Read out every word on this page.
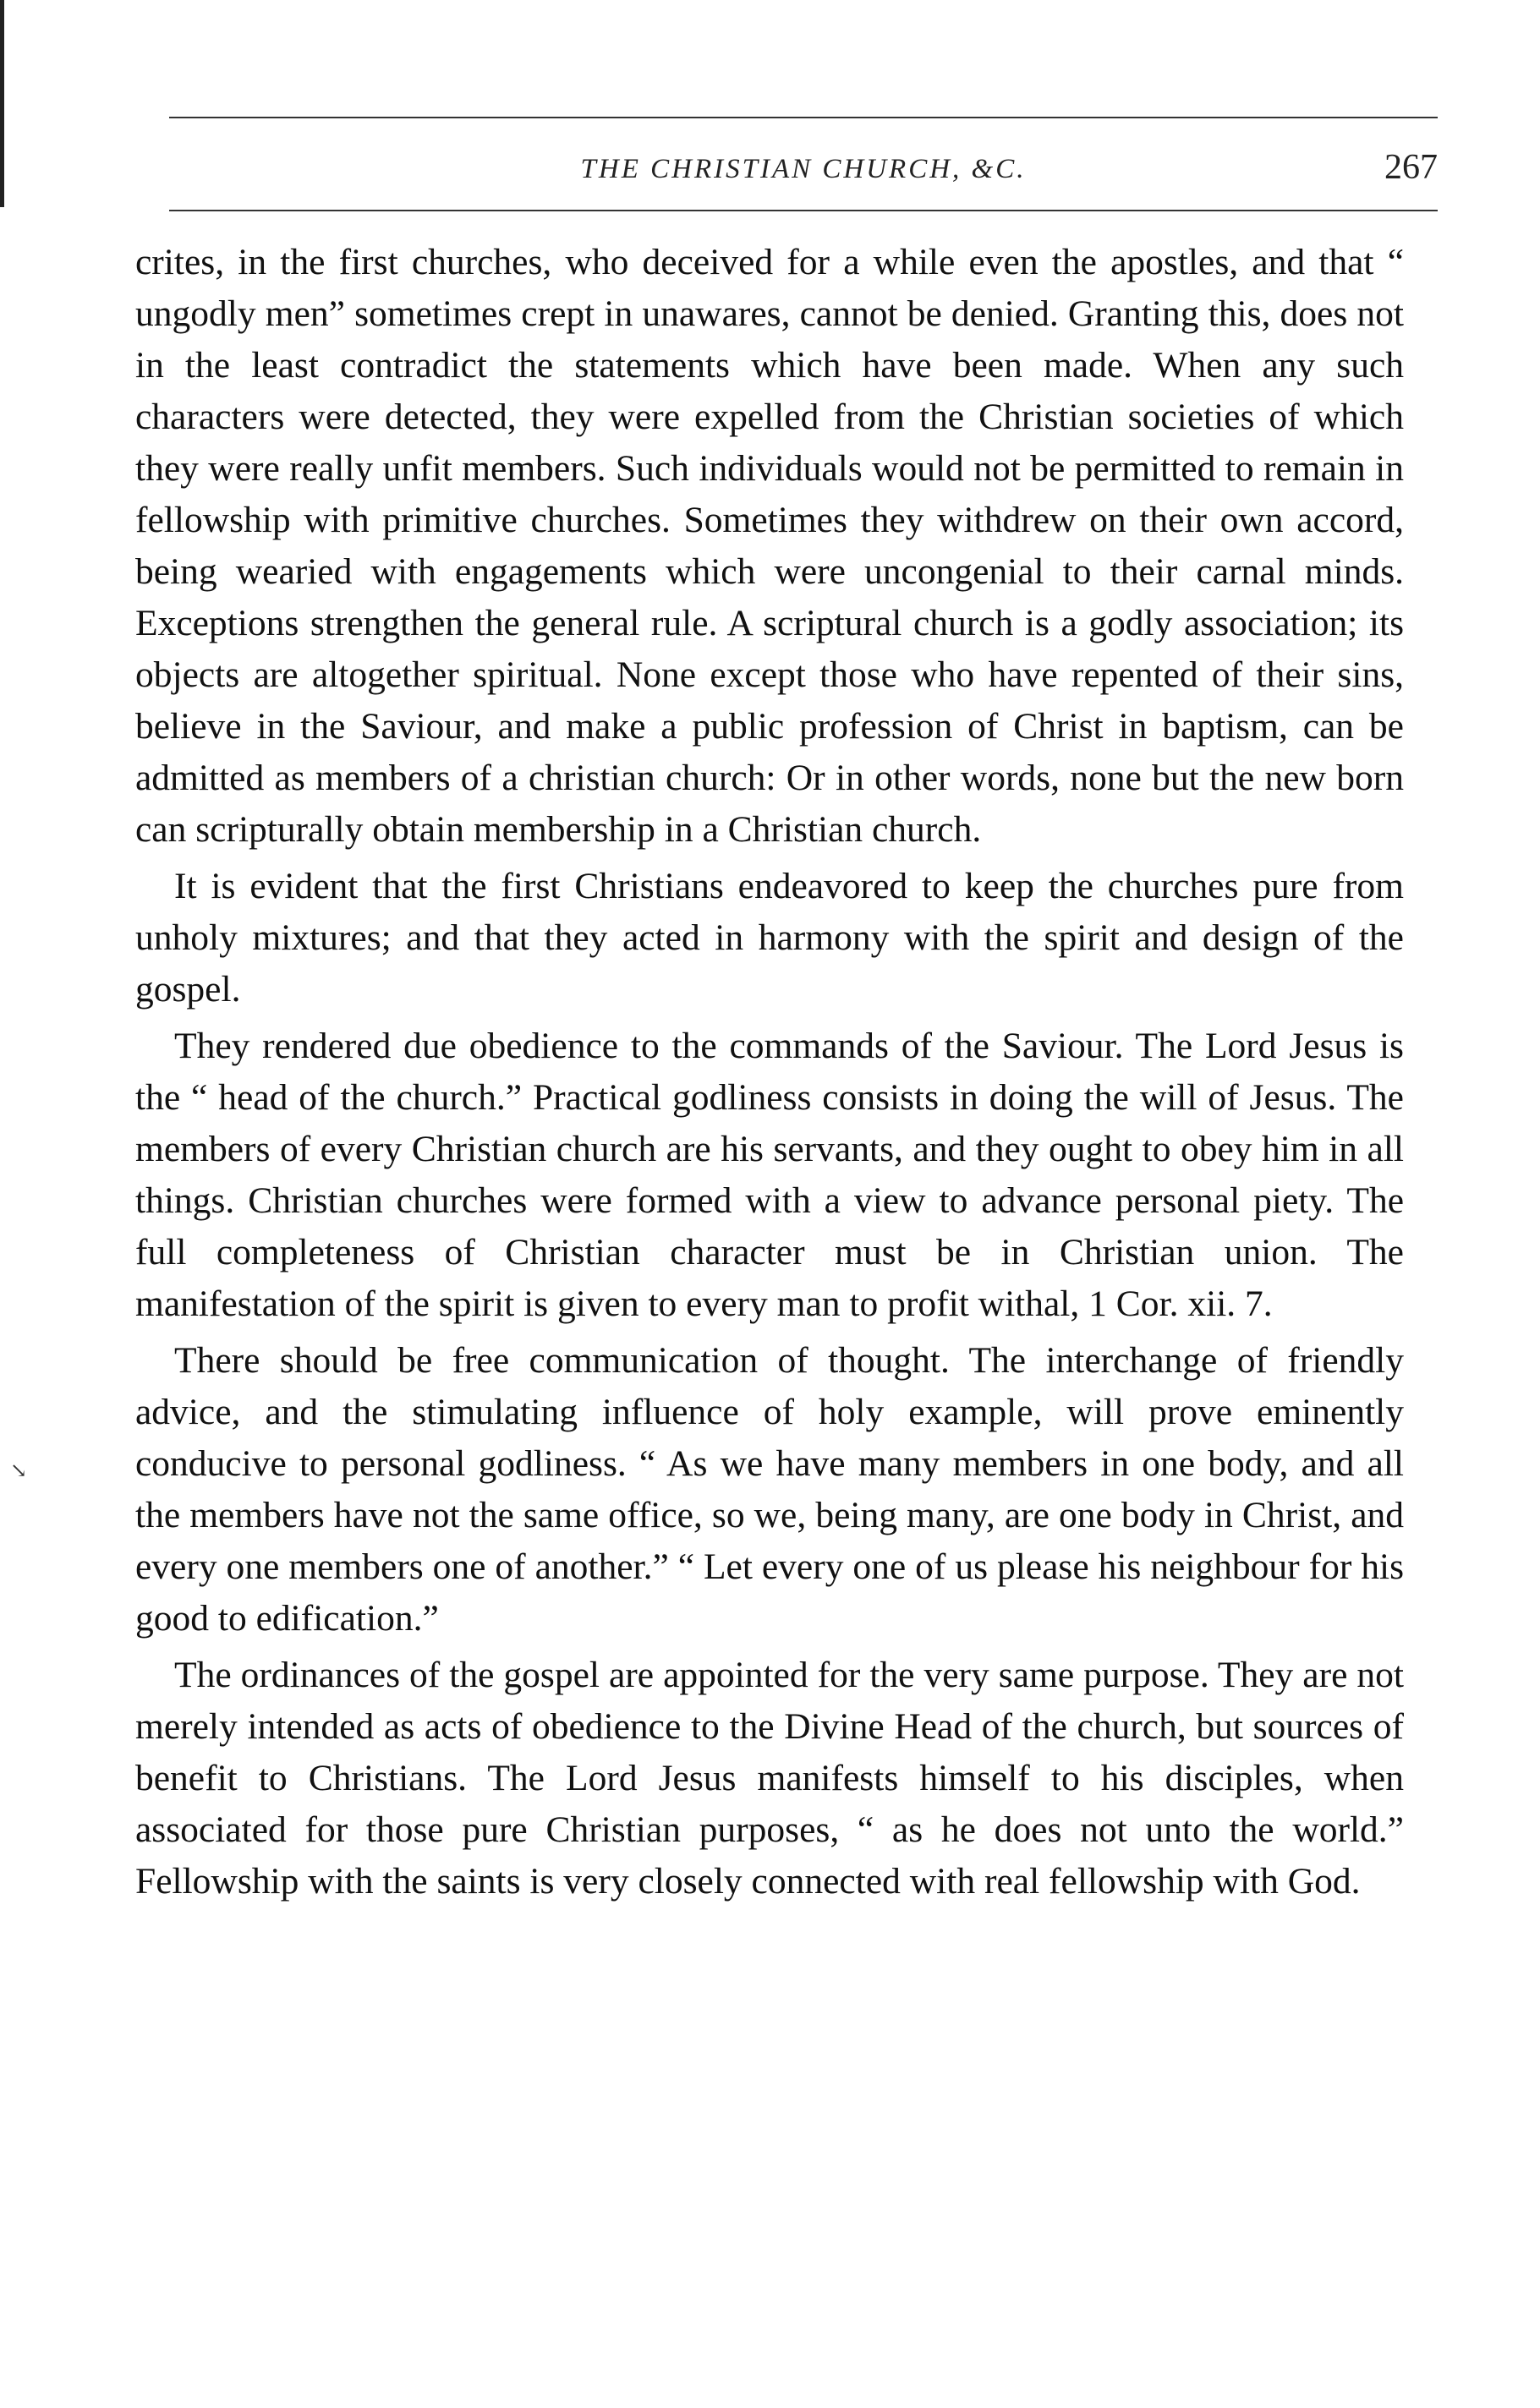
↘
THE CHRISTIAN CHURCH, &C.	267

crites, in the first churches, who deceived for a while even the apostles, and that “ ungodly men” sometimes crept in unawares, cannot be denied. Granting this, does not in the least contradict the statements which have been made. When any such characters were detected, they were expelled from the Christian societies of which they were really unfit members. Such individuals would not be permitted to remain in fellowship with primitive churches. Sometimes they withdrew on their own accord, being wearied with engagements which were uncongenial to their carnal minds. Exceptions strengthen the general rule. A scriptural church is a godly association; its objects are altogether spiritual. None except those who have repented of their sins, believe in the Saviour, and make a public profession of Christ in baptism, can be admitted as members of a christian church: Or in other words, none but the new born can scripturally obtain membership in a Christian church.

It is evident that the first Christians endeavored to keep the churches pure from unholy mixtures; and that they acted in harmony with the spirit and design of the gospel.

They rendered due obedience to the commands of the Saviour. The Lord Jesus is the “ head of the church.” Practical godliness consists in doing the will of Jesus. The members of every Christian church are his servants, and they ought to obey him in all things. Christian churches were formed with a view to advance personal piety. The full completeness of Christian character must be in Christian union. The manifestation of the spirit is given to every man to profit withal, 1 Cor. xii. 7.

There should be free communication of thought. The interchange of friendly advice, and the stimulating influence of holy example, will prove eminently conducive to personal godliness. “ As we have many members in one body, and all the members have not the same office, so we, being many, are one body in Christ, and every one members one of another.” “ Let every one of us please his neighbour for his good to edification.”

The ordinances of the gospel are appointed for the very same purpose. They are not merely intended as acts of obedience to the Divine Head of the church, but sources of benefit to Christians. The Lord Jesus manifests himself to his disciples, when associated for those pure Christian purposes, “ as he does not unto the world.” Fellowship with the saints is very closely connected with real fellowship with God.
